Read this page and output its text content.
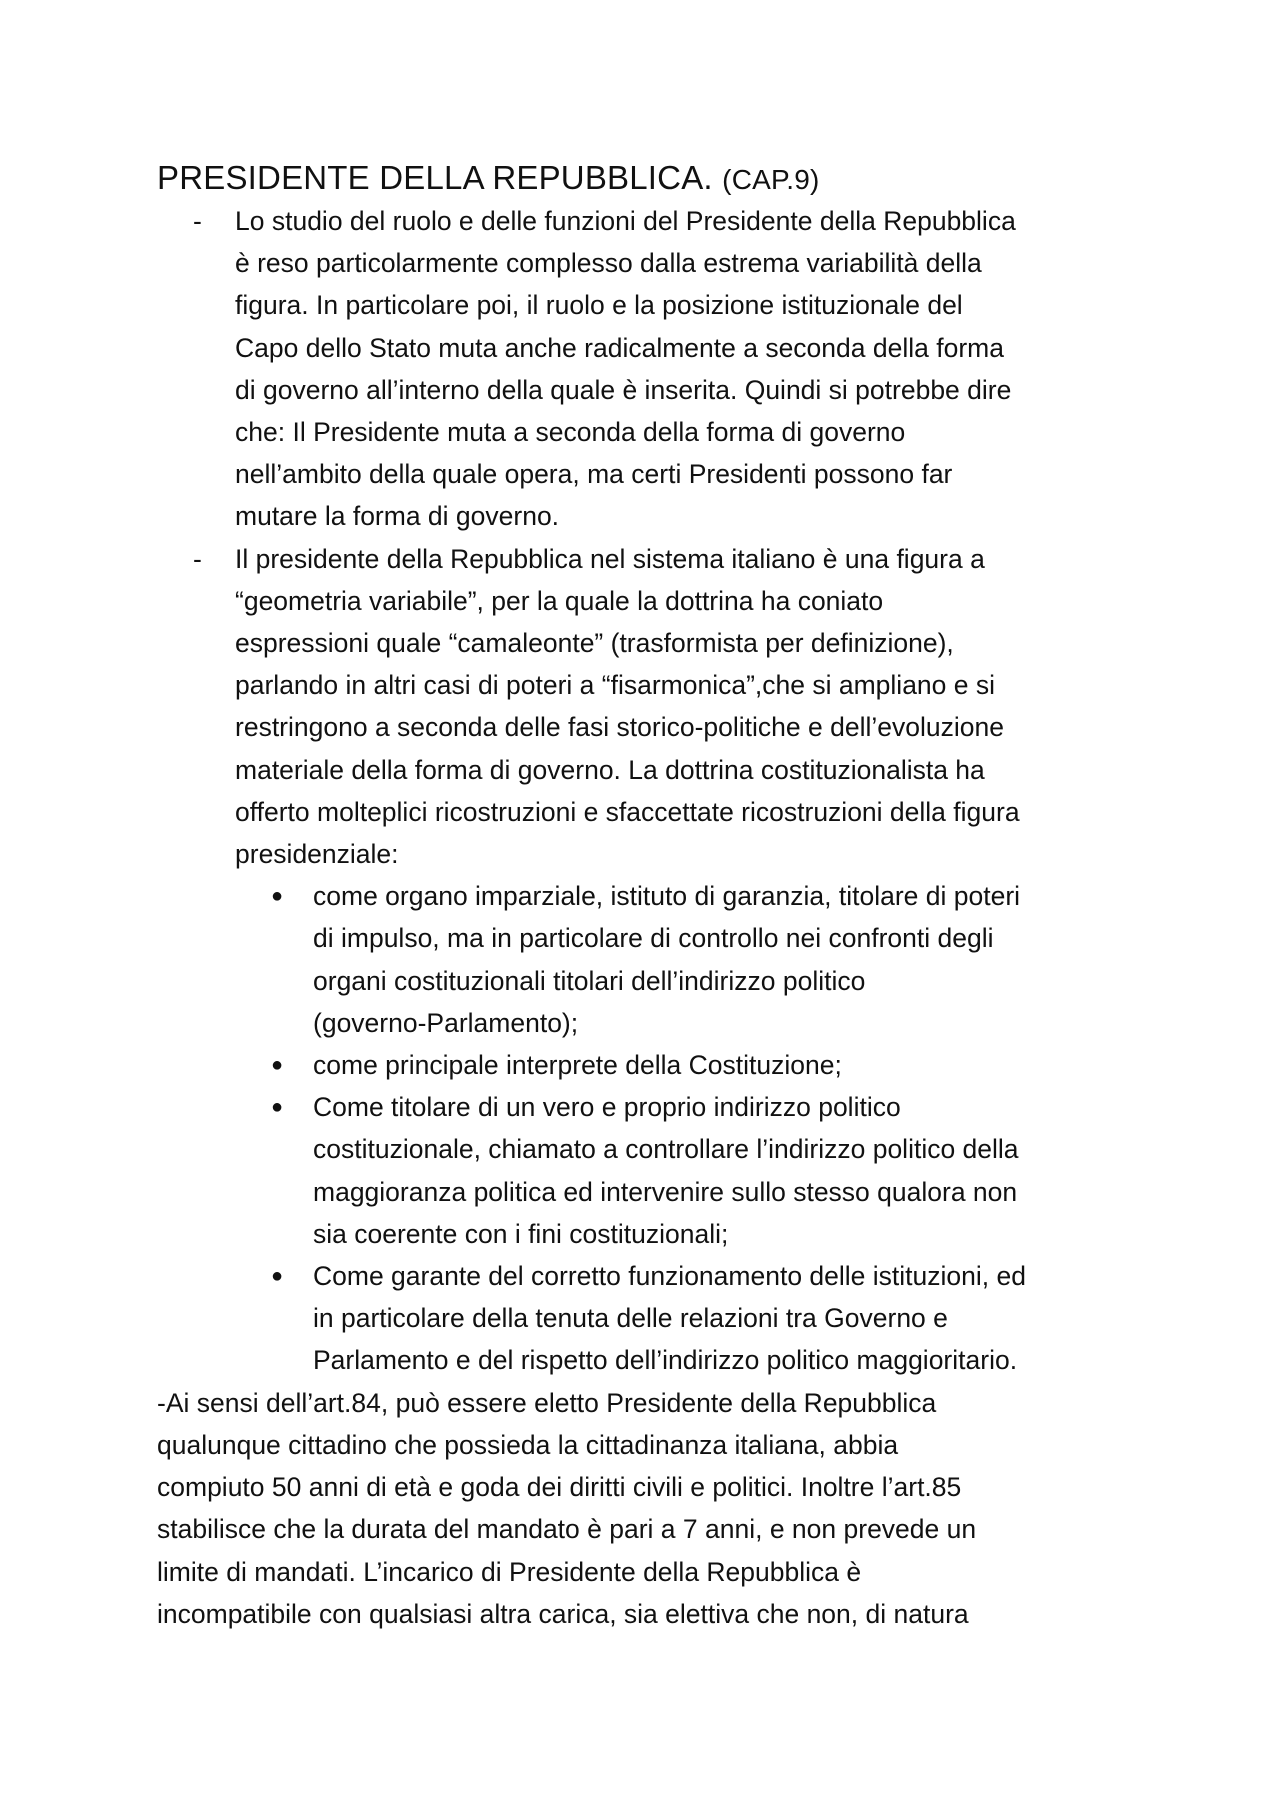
PRESIDENTE DELLA REPUBBLICA. (CAP.9)
- Lo studio del ruolo e delle funzioni del Presidente della Repubblica
è reso particolarmente complesso dalla estrema variabilità della
figura. In particolare poi, il ruolo e la posizione istituzionale del
Capo dello Stato muta anche radicalmente a seconda della forma
di governo all’interno della quale è inserita. Quindi si potrebbe dire
che: Il Presidente muta a seconda della forma di governo
nell’ambito della quale opera, ma certi Presidenti possono far
mutare la forma di governo.
- Il presidente della Repubblica nel sistema italiano è una figura a
“geometria variabile”, per la quale la dottrina ha coniato
espressioni quale “camaleonte” (trasformista per definizione),
parlando in altri casi di poteri a “fisarmonica”,che si ampliano e si
restringono a seconda delle fasi storico-politiche e dell’evoluzione
materiale della forma di governo. La dottrina costituzionalista ha
offerto molteplici ricostruzioni e sfaccettate ricostruzioni della figura
presidenziale:
● come organo imparziale, istituto di garanzia, titolare di poteri
di impulso, ma in particolare di controllo nei confronti degli
organi costituzionali titolari dell’indirizzo politico
(governo-Parlamento);
● come principale interprete della Costituzione;
● Come titolare di un vero e proprio indirizzo politico
costituzionale, chiamato a controllare l’indirizzo politico della
maggioranza politica ed intervenire sullo stesso qualora non
sia coerente con i fini costituzionali;
● Come garante del corretto funzionamento delle istituzioni, ed
in particolare della tenuta delle relazioni tra Governo e
Parlamento e del rispetto dell’indirizzo politico maggioritario.

-Ai sensi dell’art.84, può essere eletto Presidente della Repubblica
qualunque cittadino che possieda la cittadinanza italiana, abbia
compiuto 50 anni di età e goda dei diritti civili e politici. Inoltre l’art.85
stabilisce che la durata del mandato è pari a 7 anni, e non prevede un
limite di mandati. L’incarico di Presidente della Repubblica è
incompatibile con qualsiasi altra carica, sia elettiva che non, di natura
